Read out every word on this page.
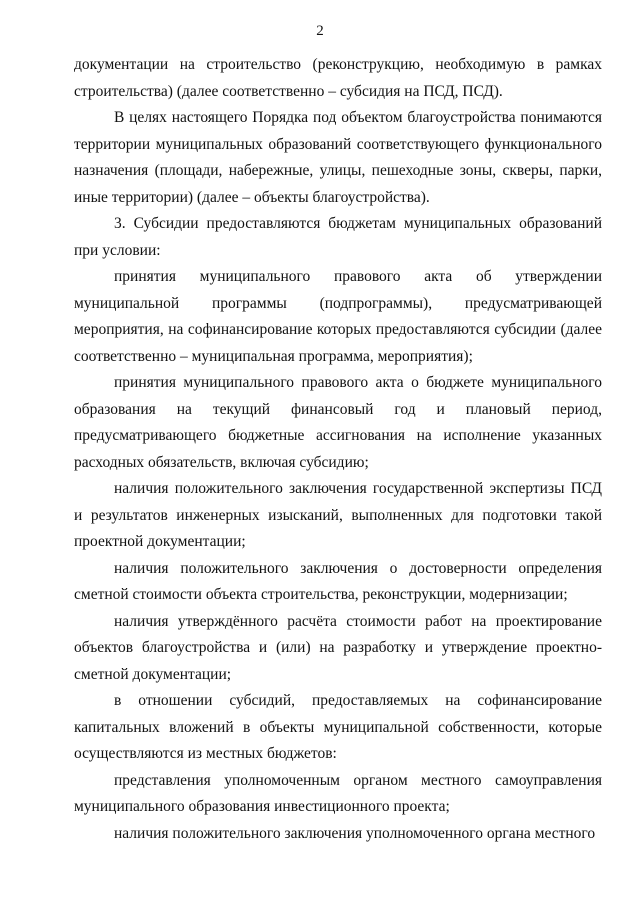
2

документации на строительство (реконструкцию, необходимую в рамках строительства) (далее соответственно – субсидия на ПСД, ПСД).

В целях настоящего Порядка под объектом благоустройства понимаются территории муниципальных образований соответствующего функционального назначения (площади, набережные, улицы, пешеходные зоны, скверы, парки, иные территории) (далее – объекты благоустройства).

3. Субсидии предоставляются бюджетам муниципальных образований при условии:

принятия муниципального правового акта об утверждении муниципальной программы (подпрограммы), предусматривающей мероприятия, на софинансирование которых предоставляются субсидии (далее соответственно – муниципальная программа, мероприятия);

принятия муниципального правового акта о бюджете муниципального образования на текущий финансовый год и плановый период, предусматривающего бюджетные ассигнования на исполнение указанных расходных обязательств, включая субсидию;

наличия положительного заключения государственной экспертизы ПСД и результатов инженерных изысканий, выполненных для подготовки такой проектной документации;

наличия положительного заключения о достоверности определения сметной стоимости объекта строительства, реконструкции, модернизации;

наличия утверждённого расчёта стоимости работ на проектирование объектов благоустройства и (или) на разработку и утверждение проектно-сметной документации;

в отношении субсидий, предоставляемых на софинансирование капитальных вложений в объекты муниципальной собственности, которые осуществляются из местных бюджетов:

представления уполномоченным органом местного самоуправления муниципального образования инвестиционного проекта;

наличия положительного заключения уполномоченного органа местного
